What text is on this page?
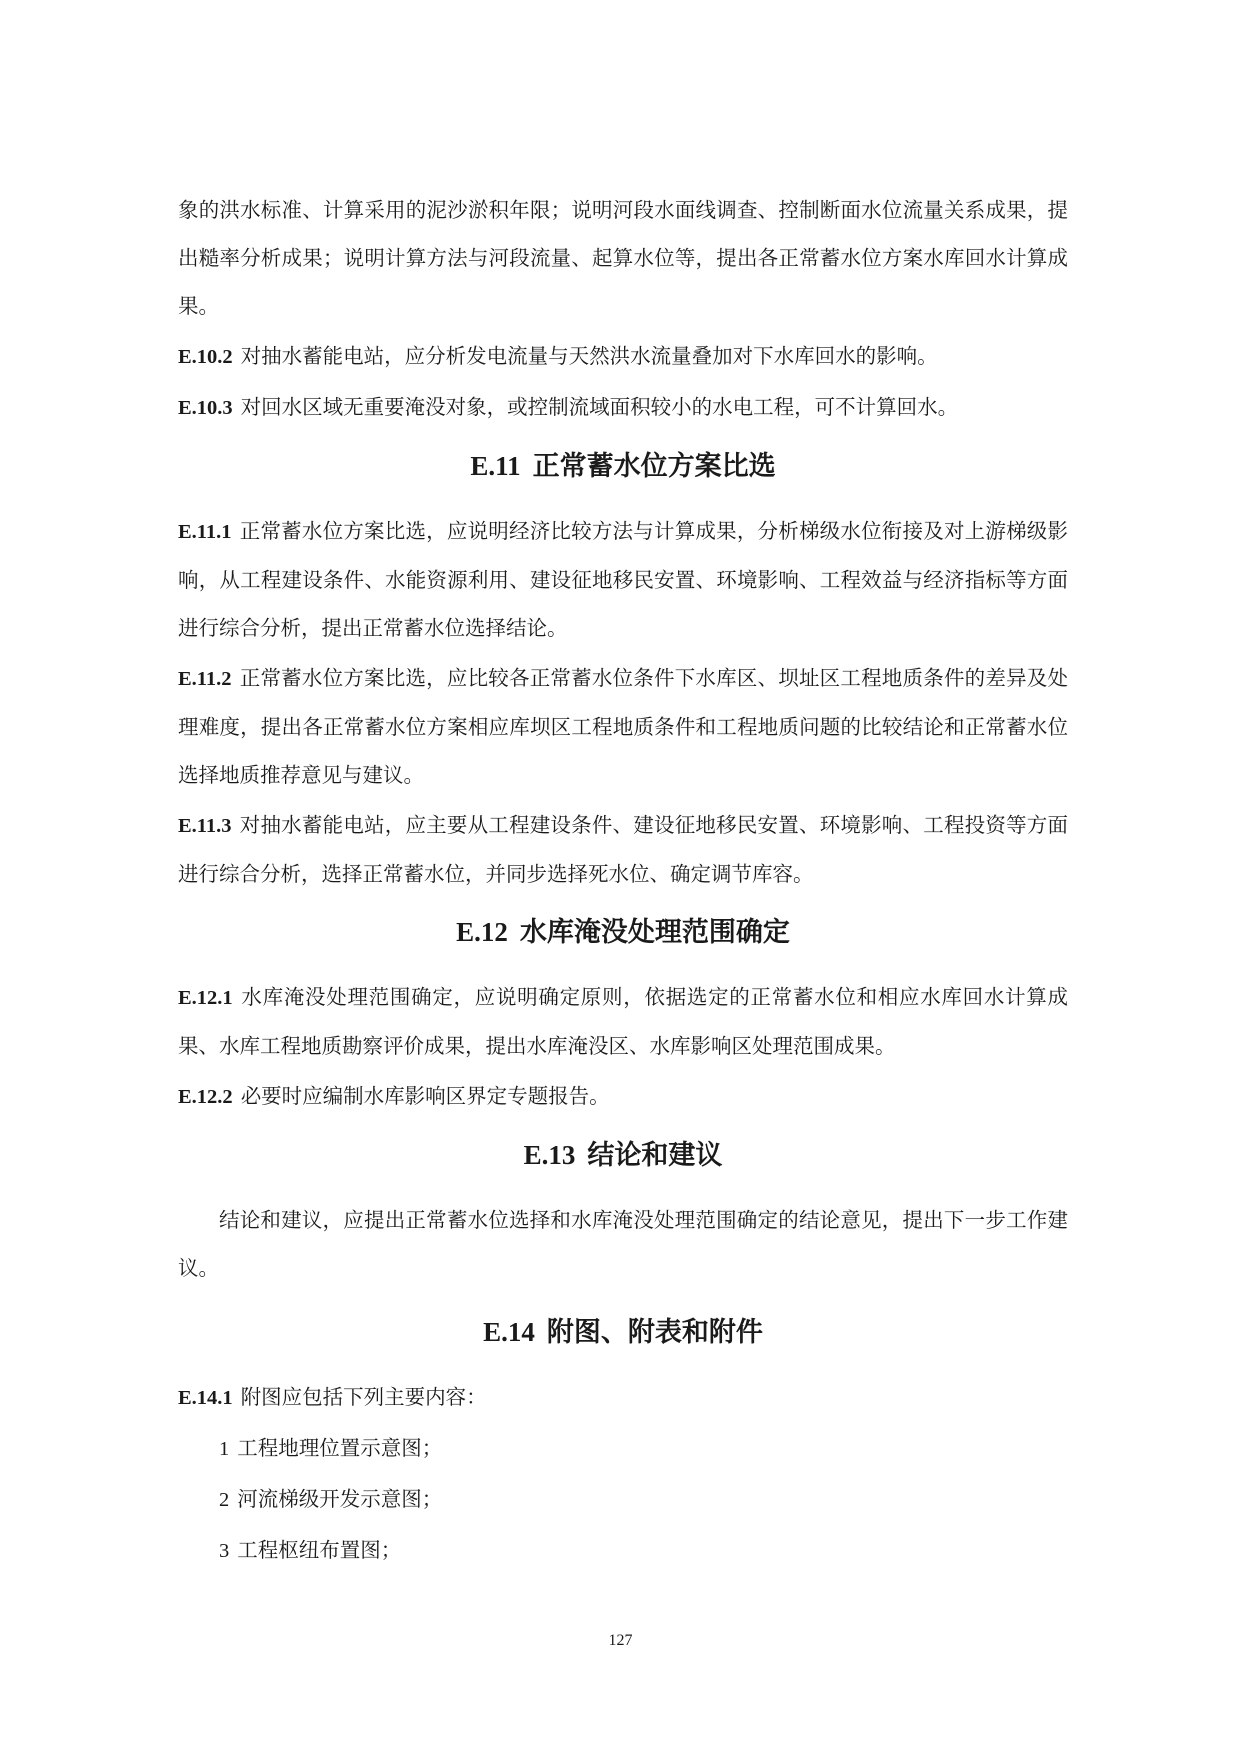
象的洪水标准、计算采用的泥沙淤积年限；说明河段水面线调查、控制断面水位流量关系成果，提出糙率分析成果；说明计算方法与河段流量、起算水位等，提出各正常蓄水位方案水库回水计算成果。

E.10.2 对抽水蓄能电站，应分析发电流量与天然洪水流量叠加对下水库回水的影响。

E.10.3 对回水区域无重要淹没对象，或控制流域面积较小的水电工程，可不计算回水。

E.11 正常蓄水位方案比选

E.11.1 正常蓄水位方案比选，应说明经济比较方法与计算成果，分析梯级水位衔接及对上游梯级影响，从工程建设条件、水能资源利用、建设征地移民安置、环境影响、工程效益与经济指标等方面进行综合分析，提出正常蓄水位选择结论。

E.11.2 正常蓄水位方案比选，应比较各正常蓄水位条件下水库区、坝址区工程地质条件的差异及处理难度，提出各正常蓄水位方案相应库坝区工程地质条件和工程地质问题的比较结论和正常蓄水位选择地质推荐意见与建议。

E.11.3 对抽水蓄能电站，应主要从工程建设条件、建设征地移民安置、环境影响、工程投资等方面进行综合分析，选择正常蓄水位，并同步选择死水位、确定调节库容。

E.12 水库淹没处理范围确定

E.12.1 水库淹没处理范围确定，应说明确定原则，依据选定的正常蓄水位和相应水库回水计算成果、水库工程地质勘察评价成果，提出水库淹没区、水库影响区处理范围成果。

E.12.2 必要时应编制水库影响区界定专题报告。

E.13 结论和建议

结论和建议，应提出正常蓄水位选择和水库淹没处理范围确定的结论意见，提出下一步工作建议。

E.14 附图、附表和附件

E.14.1 附图应包括下列主要内容：

1 工程地理位置示意图；

2 河流梯级开发示意图；

3 工程枢纽布置图；

127
